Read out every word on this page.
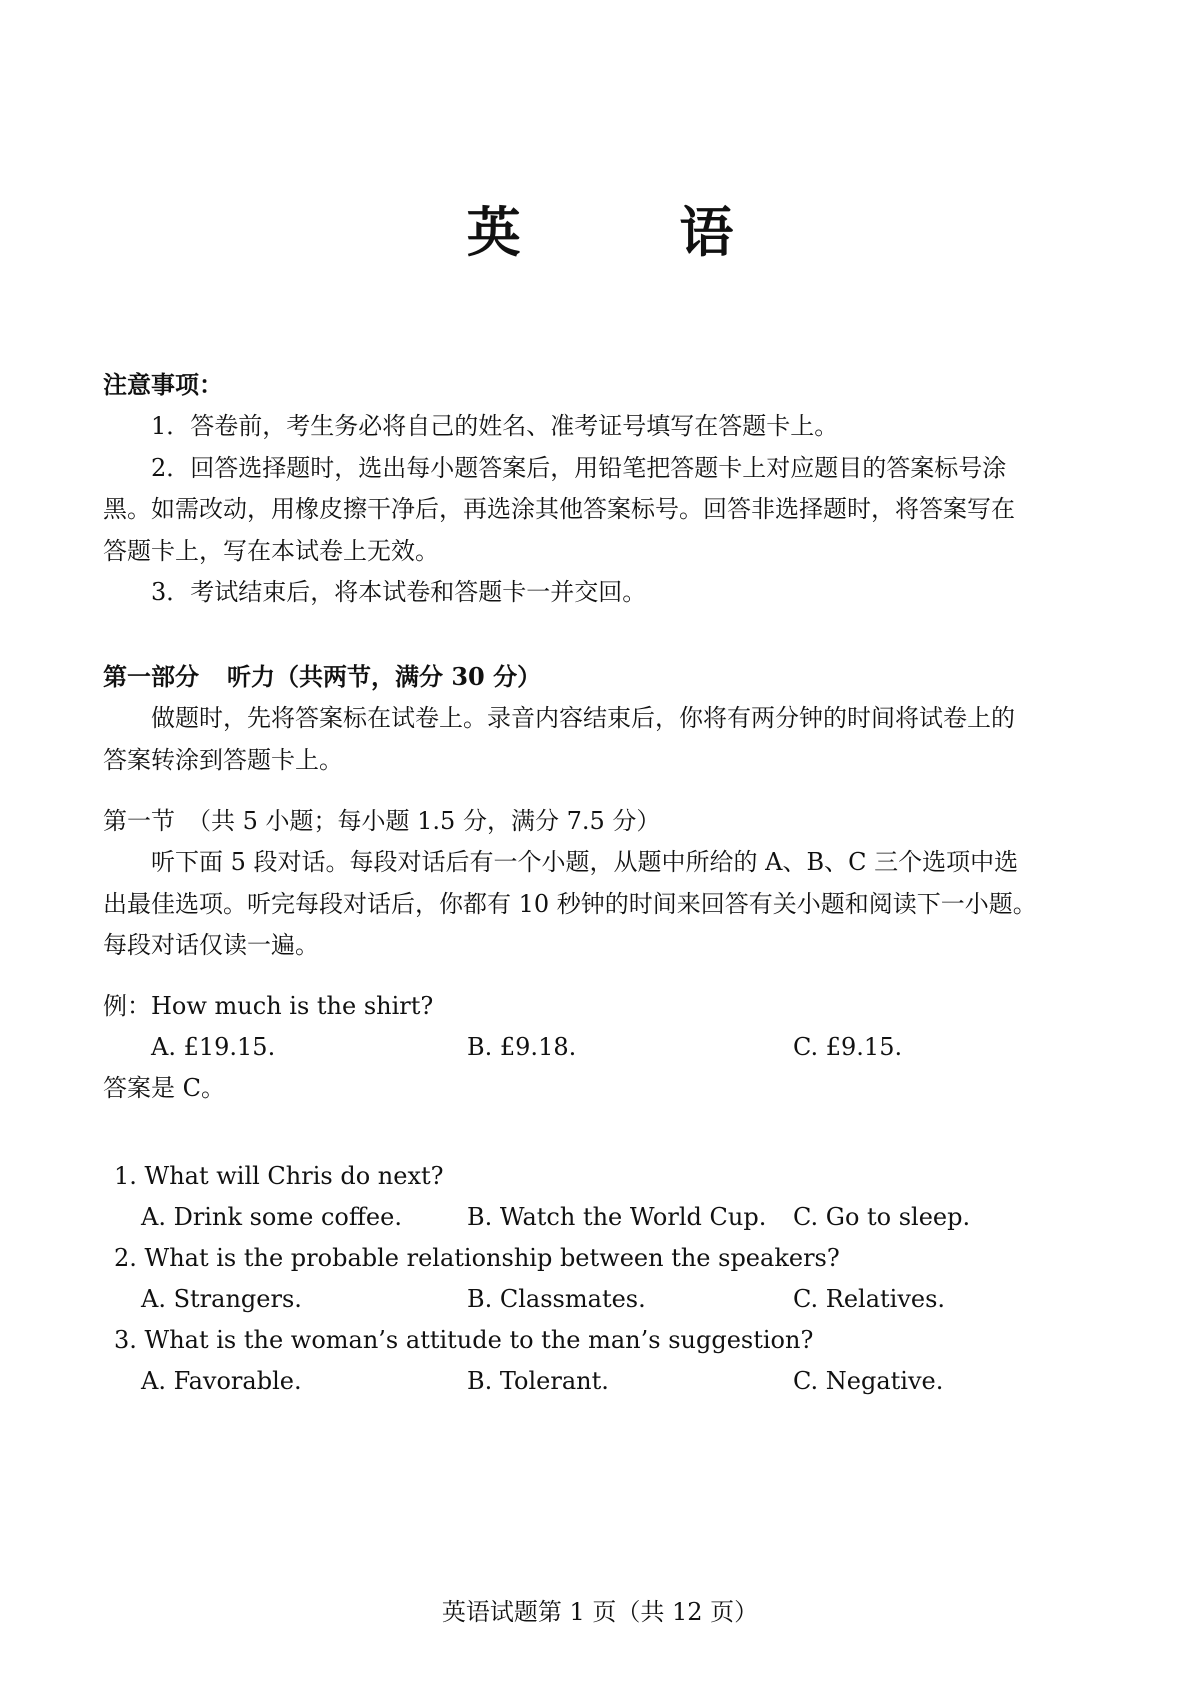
英 语
注意事项：
1．答卷前，考生务必将自己的姓名、准考证号填写在答题卡上。
2．回答选择题时，选出每小题答案后，用铅笔把答题卡上对应题目的答案标号涂
黑。如需改动，用橡皮擦干净后，再选涂其他答案标号。回答非选择题时，将答案写在
答题卡上，写在本试卷上无效。
3．考试结束后，将本试卷和答题卡一并交回。
第一部分 听力（共两节，满分 30 分）
做题时，先将答案标在试卷上。录音内容结束后，你将有两分钟的时间将试卷上的
答案转涂到答题卡上。
第一节　（共 5 小题；每小题 1.5 分，满分 7.5 分）
听下面 5 段对话。每段对话后有一个小题，从题中所给的 A、B、C 三个选项中选
出最佳选项。听完每段对话后，你都有 10 秒钟的时间来回答有关小题和阅读下一小题。
每段对话仅读一遍。
例：How much is the shirt?
A. £19.15.	B. £9.18.	C. £9.15.
答案是 C。
1. What will Chris do next?
A. Drink some coffee.	B. Watch the World Cup. C. Go to sleep.
2. What is the probable relationship between the speakers?
A. Strangers.	B. Classmates.	C. Relatives.
3. What is the woman’s attitude to the man’s suggestion?
A. Favorable.	B. Tolerant.	C. Negative.
英语试题第 1 页（共 12 页）
